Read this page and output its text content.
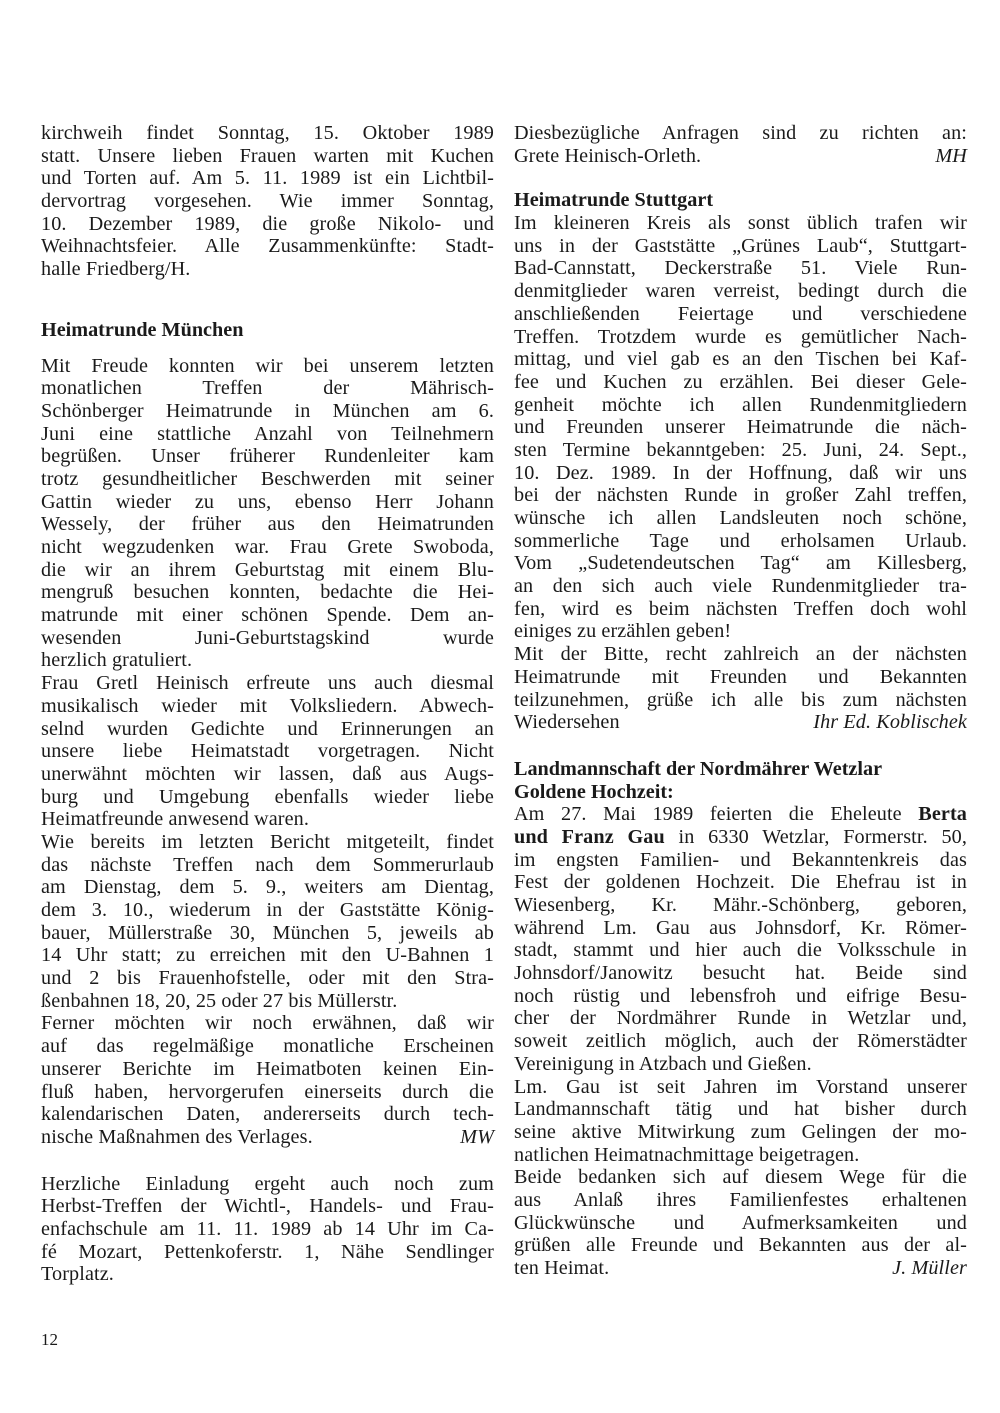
kirchweih findet Sonntag, 15. Oktober 1989
statt. Unsere lieben Frauen warten mit Kuchen
und Torten auf. Am 5. 11. 1989 ist ein Lichtbil-
dervortrag vorgesehen. Wie immer Sonntag,
10. Dezember 1989, die große Nikolo- und
Weihnachtsfeier. Alle Zusammenkünfte: Stadt-
halle Friedberg/H.
Heimatrunde München
Mit Freude konnten wir bei unserem letzten
monatlichen Treffen der Mährisch-
Schönberger Heimatrunde in München am 6.
Juni eine stattliche Anzahl von Teilnehmern
begrüßen. Unser früherer Rundenleiter kam
trotz gesundheitlicher Beschwerden mit seiner
Gattin wieder zu uns, ebenso Herr Johann
Wessely, der früher aus den Heimatrunden
nicht wegzudenken war. Frau Grete Swoboda,
die wir an ihrem Geburtstag mit einem Blu-
mengruß besuchen konnten, bedachte die Hei-
matrunde mit einer schönen Spende. Dem an-
wesenden Juni-Geburtstagskind wurde
herzlich gratuliert.
Frau Gretl Heinisch erfreute uns auch diesmal
musikalisch wieder mit Volksliedern. Abwech-
selnd wurden Gedichte und Erinnerungen an
unsere liebe Heimatstadt vorgetragen. Nicht
unerwähnt möchten wir lassen, daß aus Augs-
burg und Umgebung ebenfalls wieder liebe
Heimatfreunde anwesend waren.
Wie bereits im letzten Bericht mitgeteilt, findet
das nächste Treffen nach dem Sommerurlaub
am Dienstag, dem 5. 9., weiters am Dientag,
dem 3. 10., wiederum in der Gaststätte König-
bauer, Müllerstraße 30, München 5, jeweils ab
14 Uhr statt; zu erreichen mit den U-Bahnen 1
und 2 bis Frauenhofstelle, oder mit den Stra-
ßenbahnen 18, 20, 25 oder 27 bis Müllerstr.
Ferner möchten wir noch erwähnen, daß wir
auf das regelmäßige monatliche Erscheinen
unserer Berichte im Heimatboten keinen Ein-
fluß haben, hervorgerufen einerseits durch die
kalendarischen Daten, andererseits durch tech-
nische Maßnahmen des Verlages.	MW
Herzliche Einladung ergeht auch noch zum
Herbst-Treffen der Wichtl-, Handels- und Frau-
enfachschule am 11. 11. 1989 ab 14 Uhr im Ca-
fé Mozart, Pettenkoferstr. 1, Nähe Sendlinger
Torplatz.
Diesbezügliche Anfragen sind zu richten an:
Grete Heinisch-Orleth.	MH
Heimatrunde Stuttgart
Im kleineren Kreis als sonst üblich trafen wir
uns in der Gaststätte „Grünes Laub“, Stuttgart-
Bad-Cannstatt, Deckerstraße 51. Viele Run-
denmitglieder waren verreist, bedingt durch die
anschließenden Feiertage und verschiedene
Treffen. Trotzdem wurde es gemütlicher Nach-
mittag, und viel gab es an den Tischen bei Kaf-
fee und Kuchen zu erzählen. Bei dieser Gele-
genheit möchte ich allen Rundenmitgliedern
und Freunden unserer Heimatrunde die näch-
sten Termine bekanntgeben: 25. Juni, 24. Sept.,
10. Dez. 1989. In der Hoffnung, daß wir uns
bei der nächsten Runde in großer Zahl treffen,
wünsche ich allen Landsleuten noch schöne,
sommerliche Tage und erholsamen Urlaub.
Vom „Sudetendeutschen Tag“ am Killesberg,
an den sich auch viele Rundenmitglieder tra-
fen, wird es beim nächsten Treffen doch wohl
einiges zu erzählen geben!
Mit der Bitte, recht zahlreich an der nächsten
Heimatrunde mit Freunden und Bekannten
teilzunehmen, grüße ich alle bis zum nächsten
Wiedersehen	Ihr Ed. Koblischek
Landmannschaft der Nordmährer Wetzlar
Goldene Hochzeit:
Am 27. Mai 1989 feierten die Eheleute Berta
und Franz Gau in 6330 Wetzlar, Formerstr. 50,
im engsten Familien- und Bekanntenkreis das
Fest der goldenen Hochzeit. Die Ehefrau ist in
Wiesenberg, Kr. Mähr.-Schönberg, geboren,
während Lm. Gau aus Johnsdorf, Kr. Römer-
stadt, stammt und hier auch die Volksschule in
Johnsdorf/Janowitz besucht hat. Beide sind
noch rüstig und lebensfroh und eifrige Besu-
cher der Nordmährer Runde in Wetzlar und,
soweit zeitlich möglich, auch der Römerstädter
Vereinigung in Atzbach und Gießen.
Lm. Gau ist seit Jahren im Vorstand unserer
Landmannschaft tätig und hat bisher durch
seine aktive Mitwirkung zum Gelingen der mo-
natlichen Heimatnachmittage beigetragen.
Beide bedanken sich auf diesem Wege für die
aus Anlaß ihres Familienfestes erhaltenen
Glückwünsche und Aufmerksamkeiten und
grüßen alle Freunde und Bekannten aus der al-
ten Heimat.	J. Müller
12
